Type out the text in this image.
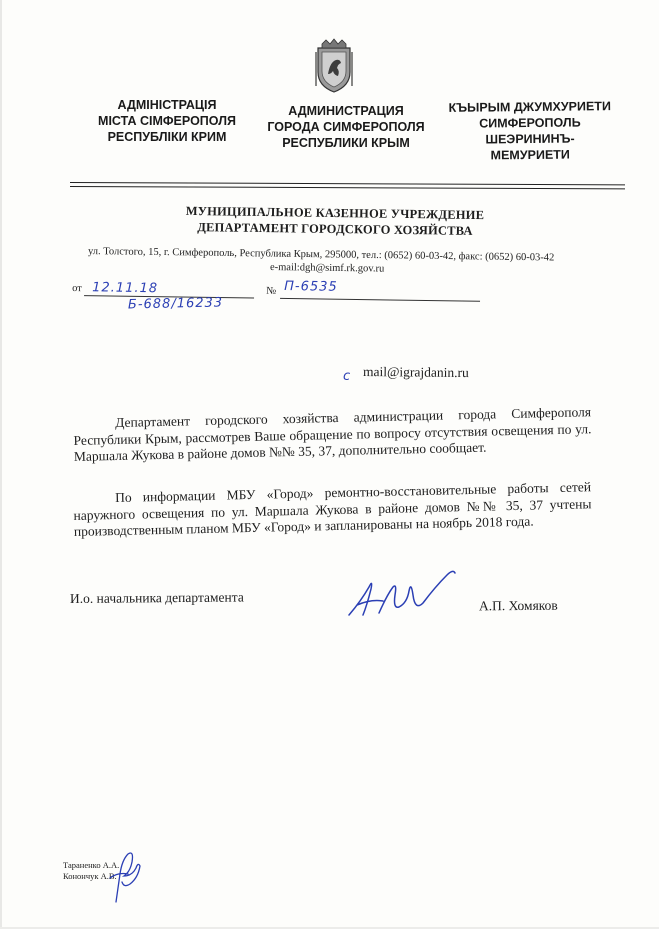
АДМІНІСТРАЦІЯ
МІСТА СІМФЕРОПОЛЯ
РЕСПУБЛІКИ КРИМ
АДМИНИСТРАЦИЯ
ГОРОДА СИМФЕРОПОЛЯ
РЕСПУБЛИКИ КРЫМ
КЪЫРЫМ ДЖУМХУРИЕТИ
СИМФЕРОПОЛЬ
ШЕЭРИНИНЪ-
МЕМУРИЕТИ
МУНИЦИПАЛЬНОЕ КАЗЕННОЕ УЧРЕЖДЕНИЕ
ДЕПАРТАМЕНТ ГОРОДСКОГО ХОЗЯЙСТВА
ул. Толстого, 15, г. Симферополь, Республика Крым, 295000, тел.: (0652) 60-03-42, факс: (0652) 60-03-42
e-mail:dgh@simf.rk.gov.ru
от	№
12.11.18	П-6535
Б-688/16233
с mail@igrajdanin.ru

Департамент городского хозяйства администрации города Симферополя Республики Крым, рассмотрев Ваше обращение по вопросу отсутствия освещения по ул. Маршала Жукова в районе домов №№ 35, 37, дополнительно сообщает.

По информации МБУ «Город» ремонтно-восстановительные работы сетей наружного освещения по ул. Маршала Жукова в районе домов №№ 35, 37 учтены производственным планом МБУ «Город» и запланированы на ноябрь 2018 года.

И.о. начальника департамента	А.П. Хомяков
Тараненко А.А.
Конончук А.В.
